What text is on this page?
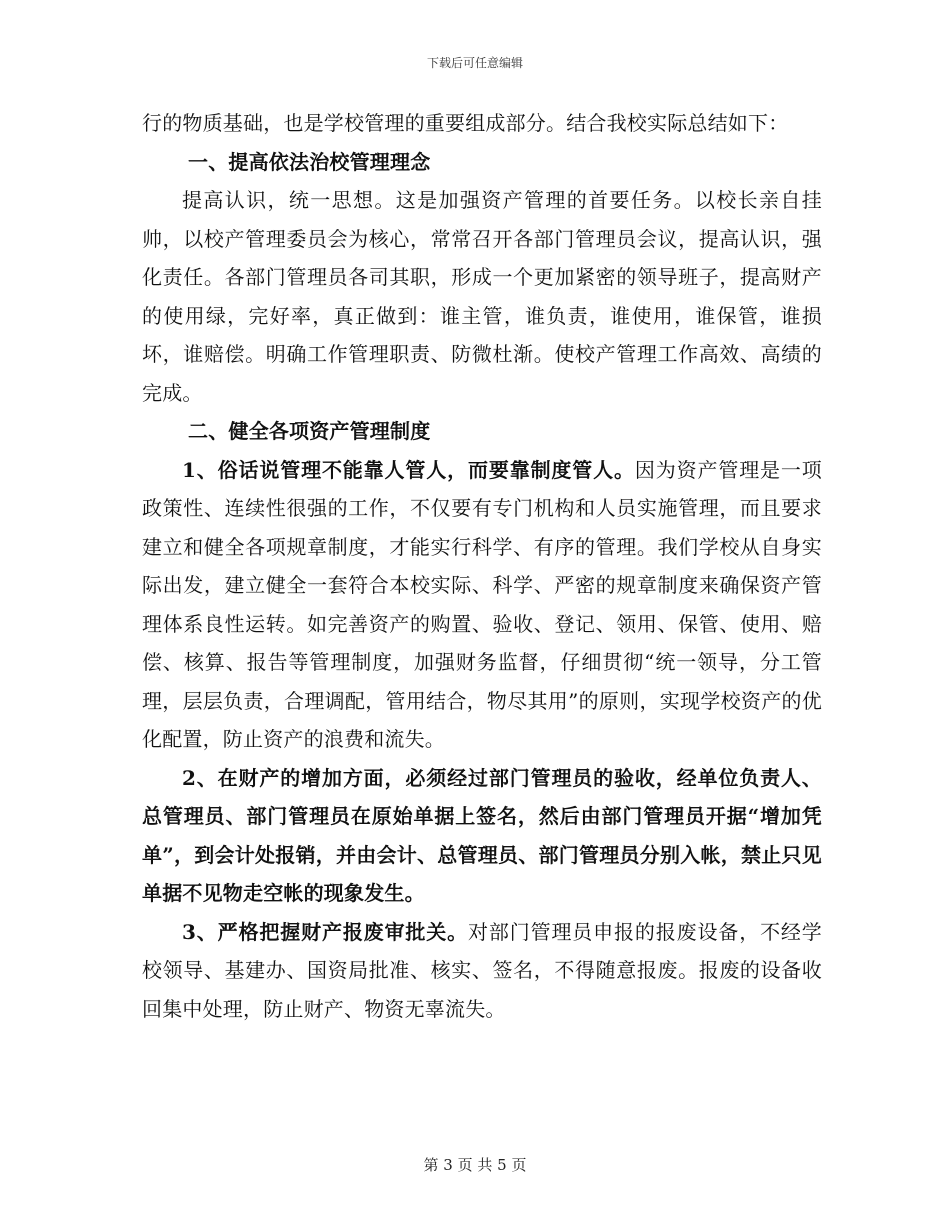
下载后可任意编辑

行的物质基础，也是学校管理的重要组成部分。结合我校实际总结如下：

一、提高依法治校管理理念

提高认识，统一思想。这是加强资产管理的首要任务。以校长亲自挂帅，以校产管理委员会为核心，常常召开各部门管理员会议，提高认识，强化责任。各部门管理员各司其职，形成一个更加紧密的领导班子，提高财产的使用绿，完好率，真正做到：谁主管，谁负责，谁使用，谁保管，谁损坏，谁赔偿。明确工作管理职责、防微杜渐。使校产管理工作高效、高绩的完成。

二、健全各项资产管理制度

1、俗话说管理不能靠人管人，而要靠制度管人。因为资产管理是一项政策性、连续性很强的工作，不仅要有专门机构和人员实施管理，而且要求建立和健全各项规章制度，才能实行科学、有序的管理。我们学校从自身实际出发，建立健全一套符合本校实际、科学、严密的规章制度来确保资产管理体系良性运转。如完善资产的购置、验收、登记、领用、保管、使用、赔偿、核算、报告等管理制度，加强财务监督，仔细贯彻“统一领导，分工管理，层层负责，合理调配，管用结合，物尽其用”的原则，实现学校资产的优化配置，防止资产的浪费和流失。

2、在财产的增加方面，必须经过部门管理员的验收，经单位负责人、总管理员、部门管理员在原始单据上签名，然后由部门管理员开据“增加凭单”，到会计处报销，并由会计、总管理员、部门管理员分别入帐，禁止只见单据不见物走空帐的现象发生。

3、严格把握财产报废审批关。对部门管理员申报的报废设备，不经学校领导、基建办、国资局批准、核实、签名，不得随意报废。报废的设备收回集中处理，防止财产、物资无辜流失。

第 3 页 共 5 页
